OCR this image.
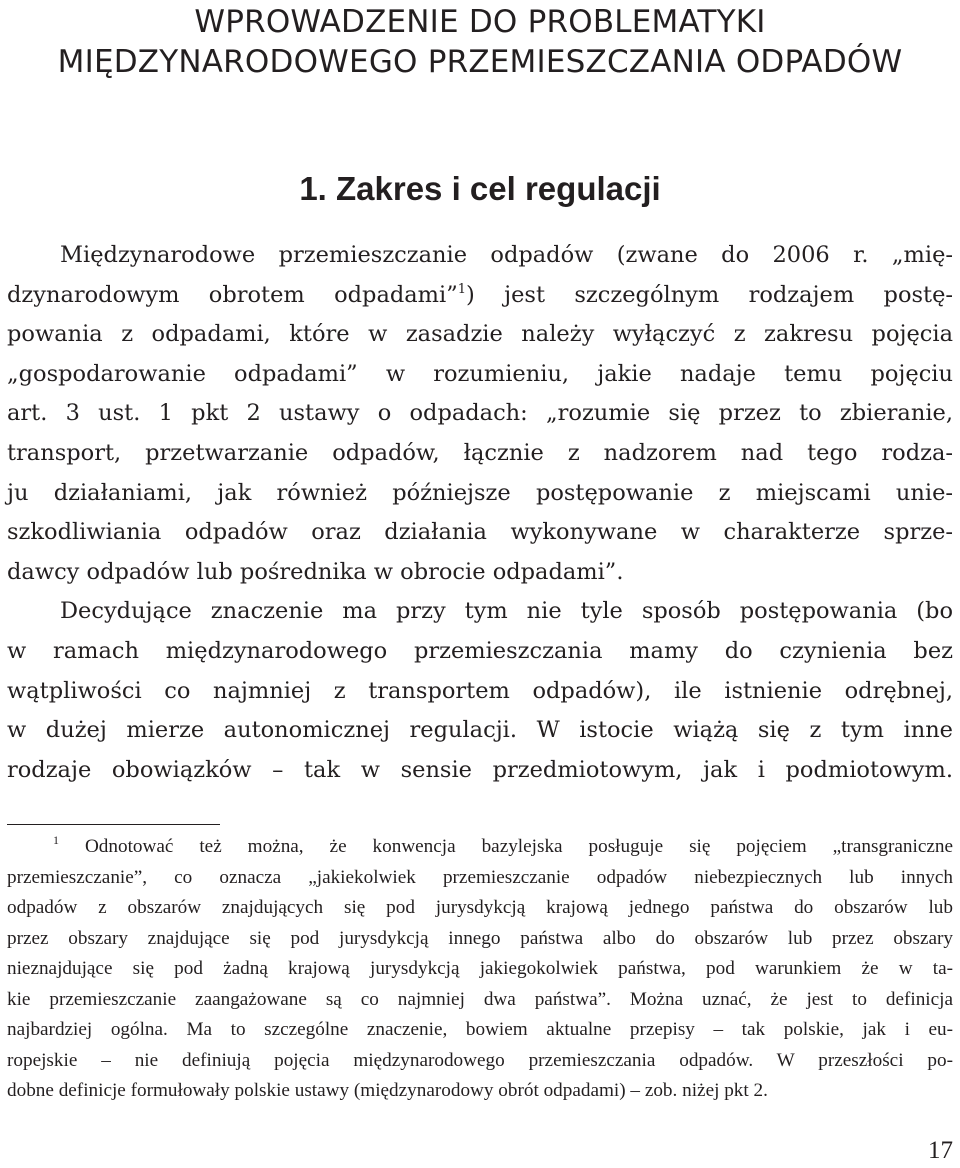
WPROWADZENIE DO PROBLEMATYKI
MIĘDZYNARODOWEGO PRZEMIESZCZANIA ODPADÓW
1. Zakres i cel regulacji
Międzynarodowe przemieszczanie odpadów (zwane do 2006 r. „mię-
dzynarodowym obrotem odpadami”$^1$) jest szczególnym rodzajem postę-
powania z odpadami, które w zasadzie należy wyłączyć z zakresu pojęcia
„gospodarowanie odpadami” w rozumieniu, jakie nadaje temu pojęciu
art. 3 ust. 1 pkt 2 ustawy o odpadach: „rozumie się przez to zbieranie,
transport, przetwarzanie odpadów, łącznie z nadzorem nad tego rodza-
ju działaniami, jak również późniejsze postępowanie z miejscami unie-
szkodliwiania odpadów oraz działania wykonywane w charakterze sprze-
dawcy odpadów lub pośrednika w obrocie odpadami”.
Decydujące znaczenie ma przy tym nie tyle sposób postępowania (bo
w ramach międzynarodowego przemieszczania mamy do czynienia bez
wątpliwości co najmniej z transportem odpadów), ile istnienie odrębnej,
w dużej mierze autonomicznej regulacji. W istocie wiążą się z tym inne
rodzaje obowiązków – tak w sensie przedmiotowym, jak i podmiotowym.
$^1$ Odnotować też można, że konwencja bazylejska posługuje się pojęciem „transgraniczne
przemieszczanie”, co oznacza „jakiekolwiek przemieszczanie odpadów niebezpiecznych lub innych
odpadów z obszarów znajdujących się pod jurysdykcją krajową jednego państwa do obszarów lub
przez obszary znajdujące się pod jurysdykcją innego państwa albo do obszarów lub przez obszary
nieznajdujące się pod żadną krajową jurysdykcją jakiegokolwiek państwa, pod warunkiem że w ta-
kie przemieszczanie zaangażowane są co najmniej dwa państwa”. Można uznać, że jest to definicja
najbardziej ogólna. Ma to szczególne znaczenie, bowiem aktualne przepisy – tak polskie, jak i eu-
ropejskie – nie definiują pojęcia międzynarodowego przemieszczania odpadów. W przeszłości po-
dobne definicje formułowały polskie ustawy (międzynarodowy obrót odpadami) – zob. niżej pkt 2.
17
